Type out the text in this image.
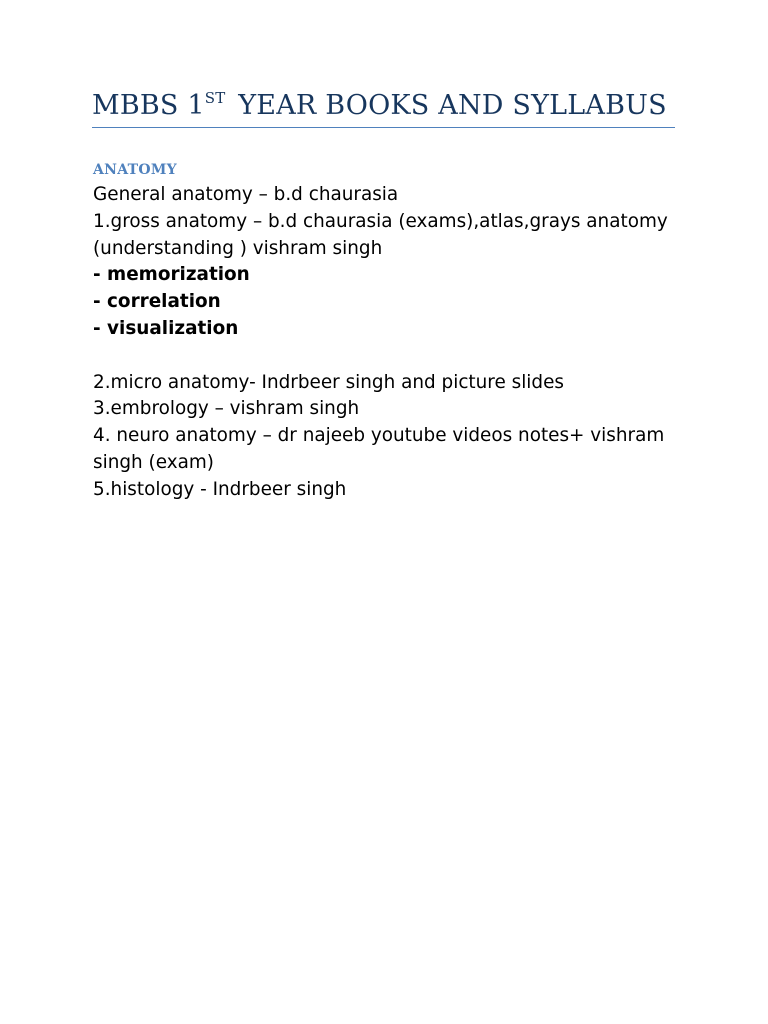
MBBS 1ST YEAR BOOKS AND SYLLABUS
ANATOMY
General anatomy – b.d chaurasia
1.gross anatomy – b.d chaurasia (exams),atlas,grays anatomy
(understanding ) vishram singh
- memorization
- correlation
- visualization
2.micro anatomy- Indrbeer singh and picture slides
3.embrology – vishram singh
4. neuro anatomy – dr najeeb youtube videos notes+ vishram
singh (exam)
5.histology - Indrbeer singh
